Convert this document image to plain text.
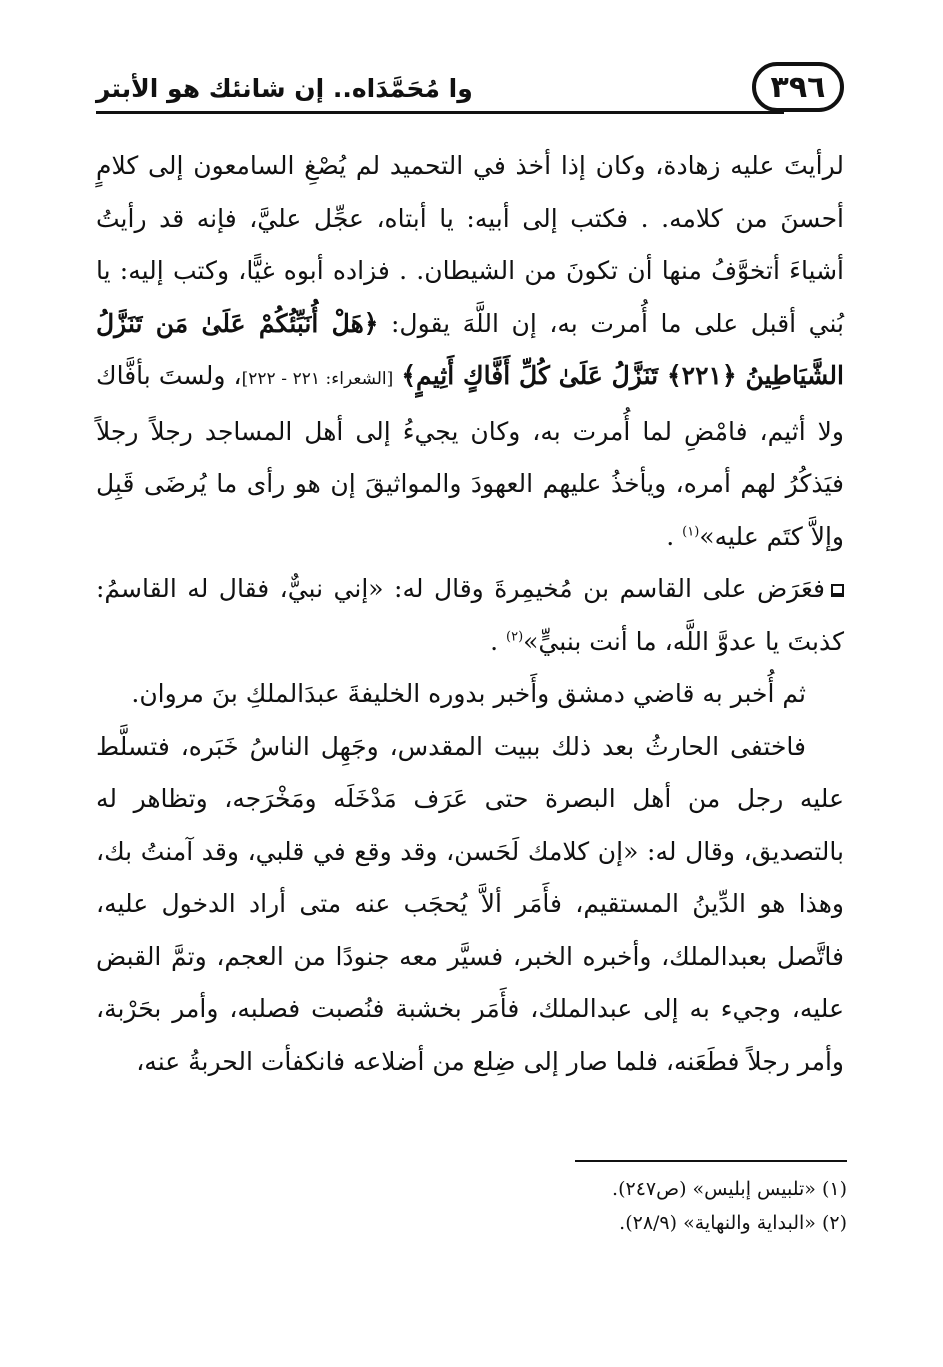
٣٩٦
وا مُحَمَّدَاه.. إن شانئك هو الأبتر

لرأيتَ عليه زهادة، وكان إذا أخذ في التحميد لم يُصْغِ السامعون إلى كلامٍ أحسنَ من كلامه. . فكتب إلى أبيه: يا أبتاه، عجِّل عليَّ، فإنه قد رأيتُ أشياءَ أتخوَّفُ منها أن تكونَ من الشيطان. . فزاده أبوه غيًّا، وكتب إليه: يا بُني أقبل على ما أُمرت به، إن اللَّهَ يقول: ﴿هَلْ أُنَبِّئُكُمْ عَلَىٰ مَن تَنَزَّلُ الشَّيَاطِينُ ﴿٢٢١﴾ تَنَزَّلُ عَلَىٰ كُلِّ أَفَّاكٍ أَثِيمٍ﴾ [الشعراء: ٢٢١ - ٢٢٢]، ولستَ بأفَّاك ولا أثيم، فامْضِ لما أُمرت به، وكان يجيءُ إلى أهل المساجد رجلاً رجلاً فيَذكُرُ لهم أمره، ويأخذُ عليهم العهودَ والمواثيقَ إن هو رأى ما يُرضَى قَبِل وإلاَّ كتَم عليه»$^{(١)}$ .

فعَرَض على القاسم بن مُخيمِرةَ وقال له: «إني نبيٌّ، فقال له القاسمُ: كذبتَ يا عدوَّ اللَّه، ما أنت بنبيٍّ»$^{(٢)}$ .

ثم أُخبر به قاضي دمشق وأَخبر بدوره الخليفةَ عبدَالملكِ بنَ مروان.

فاختفى الحارثُ بعد ذلك ببيت المقدس، وجَهِل الناسُ خَبَره، فتسلَّط عليه رجل من أهل البصرة حتى عَرَف مَدْخَلَه ومَخْرَجه، وتظاهر له بالتصديق، وقال له: «إن كلامك لَحَسن، وقد وقع في قلبي، وقد آمنتُ بك، وهذا هو الدِّينُ المستقيم، فأَمَر ألاَّ يُحجَب عنه متى أراد الدخول عليه، فاتَّصل بعبدالملك، وأخبره الخبر، فسيَّر معه جنودًا من العجم، وتمَّ القبض عليه، وجيء به إلى عبدالملك، فأَمَر بخشبة فنُصبت فصلبه، وأمر بحَرْبة، وأمر رجلاً فطَعَنه، فلما صار إلى ضِلع من أضلاعه فانكفأت الحربةُ عنه،

(١) «تلبيس إبليس» (ص٢٤٧).

(٢) «البداية والنهاية» (٢٨/٩).
